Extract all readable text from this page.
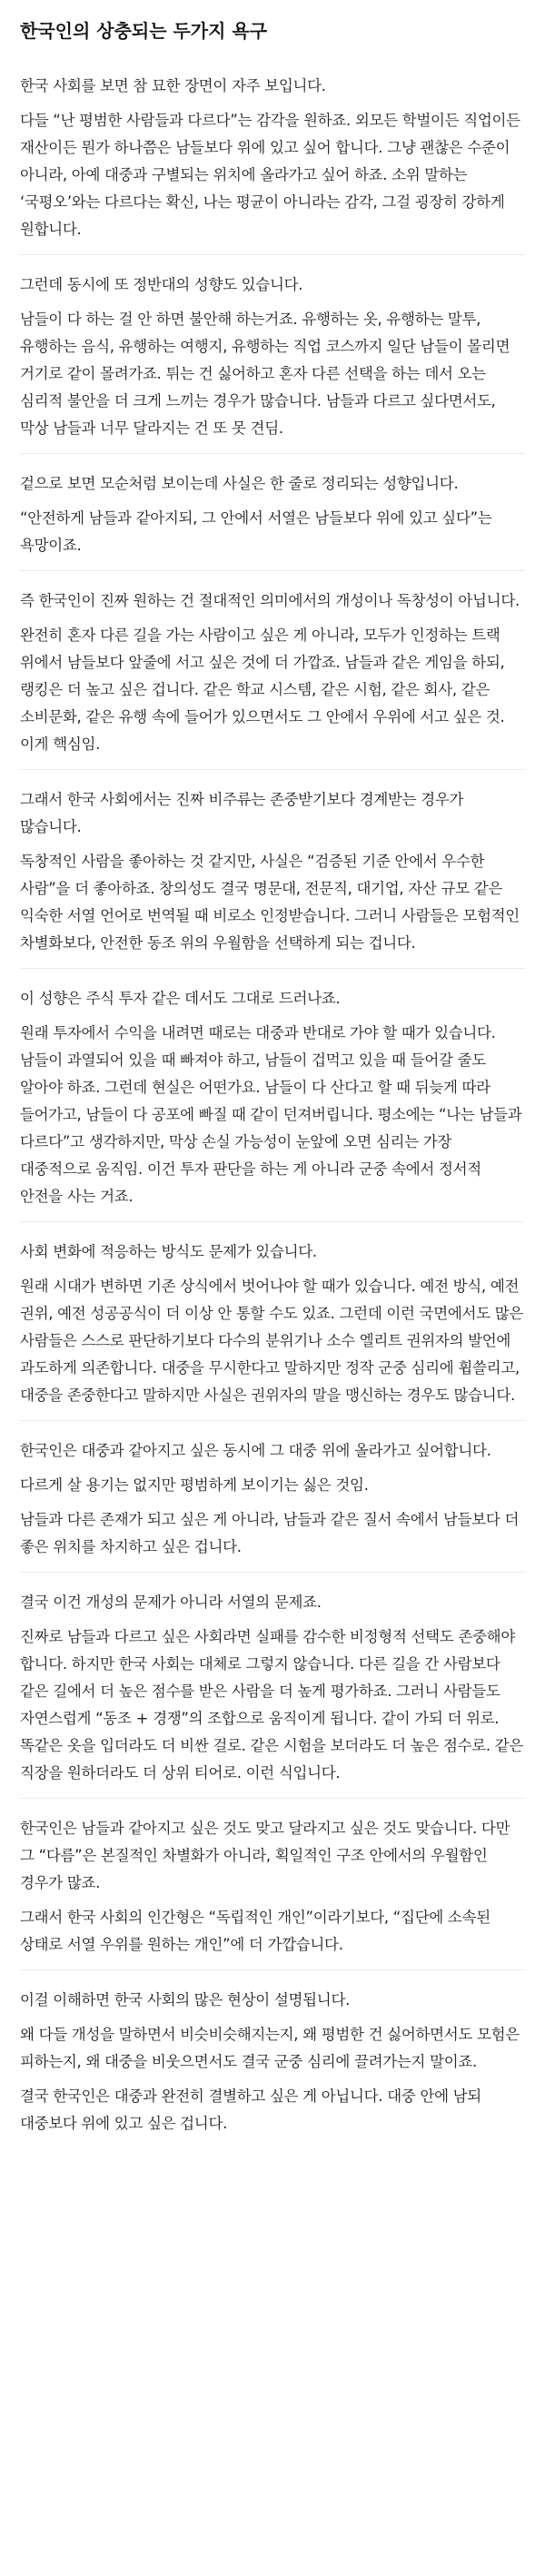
한국인의 상충되는 두가지 욕구

한국 사회를 보면 참 묘한 장면이 자주 보입니다.

다들 “난 평범한 사람들과 다르다”는 감각을 원하죠. 외모든 학벌이든 직업이든 재산이든 뭔가 하나쯤은 남들보다 위에 있고 싶어 합니다. 그냥 괜찮은 수준이 아니라, 아예 대중과 구별되는 위치에 올라가고 싶어 하죠. 소위 말하는 ‘국평오’와는 다르다는 확신, 나는 평균이 아니라는 감각, 그걸 굉장히 강하게 원합니다.

그런데 동시에 또 정반대의 성향도 있습니다.

남들이 다 하는 걸 안 하면 불안해 하는거죠. 유행하는 옷, 유행하는 말투, 유행하는 음식, 유행하는 여행지, 유행하는 직업 코스까지 일단 남들이 몰리면 거기로 같이 몰려가죠. 튀는 건 싫어하고 혼자 다른 선택을 하는 데서 오는 심리적 불안을 더 크게 느끼는 경우가 많습니다. 남들과 다르고 싶다면서도, 막상 남들과 너무 달라지는 건 또 못 견딤.

겉으로 보면 모순처럼 보이는데 사실은 한 줄로 정리되는 성향입니다.

“안전하게 남들과 같아지되, 그 안에서 서열은 남들보다 위에 있고 싶다”는 욕망이죠.

즉 한국인이 진짜 원하는 건 절대적인 의미에서의 개성이나 독창성이 아닙니다.

완전히 혼자 다른 길을 가는 사람이고 싶은 게 아니라, 모두가 인정하는 트랙 위에서 남들보다 앞줄에 서고 싶은 것에 더 가깝죠. 남들과 같은 게임을 하되, 랭킹은 더 높고 싶은 겁니다. 같은 학교 시스템, 같은 시험, 같은 회사, 같은 소비문화, 같은 유행 속에 들어가 있으면서도 그 안에서 우위에 서고 싶은 것. 이게 핵심임.

그래서 한국 사회에서는 진짜 비주류는 존중받기보다 경계받는 경우가 많습니다.

독창적인 사람을 좋아하는 것 같지만, 사실은 “검증된 기준 안에서 우수한 사람”을 더 좋아하죠. 창의성도 결국 명문대, 전문직, 대기업, 자산 규모 같은 익숙한 서열 언어로 번역될 때 비로소 인정받습니다. 그러니 사람들은 모험적인 차별화보다, 안전한 동조 위의 우월함을 선택하게 되는 겁니다.

이 성향은 주식 투자 같은 데서도 그대로 드러나죠.

원래 투자에서 수익을 내려면 때로는 대중과 반대로 가야 할 때가 있습니다. 남들이 과열되어 있을 때 빠져야 하고, 남들이 겁먹고 있을 때 들어갈 줄도 알아야 하죠. 그런데 현실은 어떤가요. 남들이 다 산다고 할 때 뒤늦게 따라 들어가고, 남들이 다 공포에 빠질 때 같이 던져버립니다. 평소에는 “나는 남들과 다르다”고 생각하지만, 막상 손실 가능성이 눈앞에 오면 심리는 가장 대중적으로 움직임. 이건 투자 판단을 하는 게 아니라 군중 속에서 정서적 안전을 사는 거죠.

사회 변화에 적응하는 방식도 문제가 있습니다.

원래 시대가 변하면 기존 상식에서 벗어나야 할 때가 있습니다. 예전 방식, 예전 권위, 예전 성공공식이 더 이상 안 통할 수도 있죠. 그런데 이런 국면에서도 많은 사람들은 스스로 판단하기보다 다수의 분위기나 소수 엘리트 권위자의 발언에 과도하게 의존합니다. 대중을 무시한다고 말하지만 정작 군중 심리에 휩쓸리고, 대중을 존중한다고 말하지만 사실은 권위자의 말을 맹신하는 경우도 많습니다.

한국인은 대중과 같아지고 싶은 동시에 그 대중 위에 올라가고 싶어합니다.

다르게 살 용기는 없지만 평범하게 보이기는 싫은 것임.

남들과 다른 존재가 되고 싶은 게 아니라, 남들과 같은 질서 속에서 남들보다 더 좋은 위치를 차지하고 싶은 겁니다.

결국 이건 개성의 문제가 아니라 서열의 문제죠.

진짜로 남들과 다르고 싶은 사회라면 실패를 감수한 비정형적 선택도 존중해야 합니다. 하지만 한국 사회는 대체로 그렇지 않습니다. 다른 길을 간 사람보다 같은 길에서 더 높은 점수를 받은 사람을 더 높게 평가하죠. 그러니 사람들도 자연스럽게 “동조 + 경쟁”의 조합으로 움직이게 됩니다. 같이 가되 더 위로. 똑같은 옷을 입더라도 더 비싼 걸로. 같은 시험을 보더라도 더 높은 점수로. 같은 직장을 원하더라도 더 상위 티어로. 이런 식입니다.

한국인은 남들과 같아지고 싶은 것도 맞고 달라지고 싶은 것도 맞습니다. 다만 그 “다름”은 본질적인 차별화가 아니라, 획일적인 구조 안에서의 우월함인 경우가 많죠.

그래서 한국 사회의 인간형은 “독립적인 개인”이라기보다, “집단에 소속된 상태로 서열 우위를 원하는 개인”에 더 가깝습니다.

이걸 이해하면 한국 사회의 많은 현상이 설명됩니다.

왜 다들 개성을 말하면서 비슷비슷해지는지, 왜 평범한 건 싫어하면서도 모험은 피하는지, 왜 대중을 비웃으면서도 결국 군중 심리에 끌려가는지 말이죠.

결국 한국인은 대중과 완전히 결별하고 싶은 게 아닙니다. 대중 안에 남되 대중보다 위에 있고 싶은 겁니다.
